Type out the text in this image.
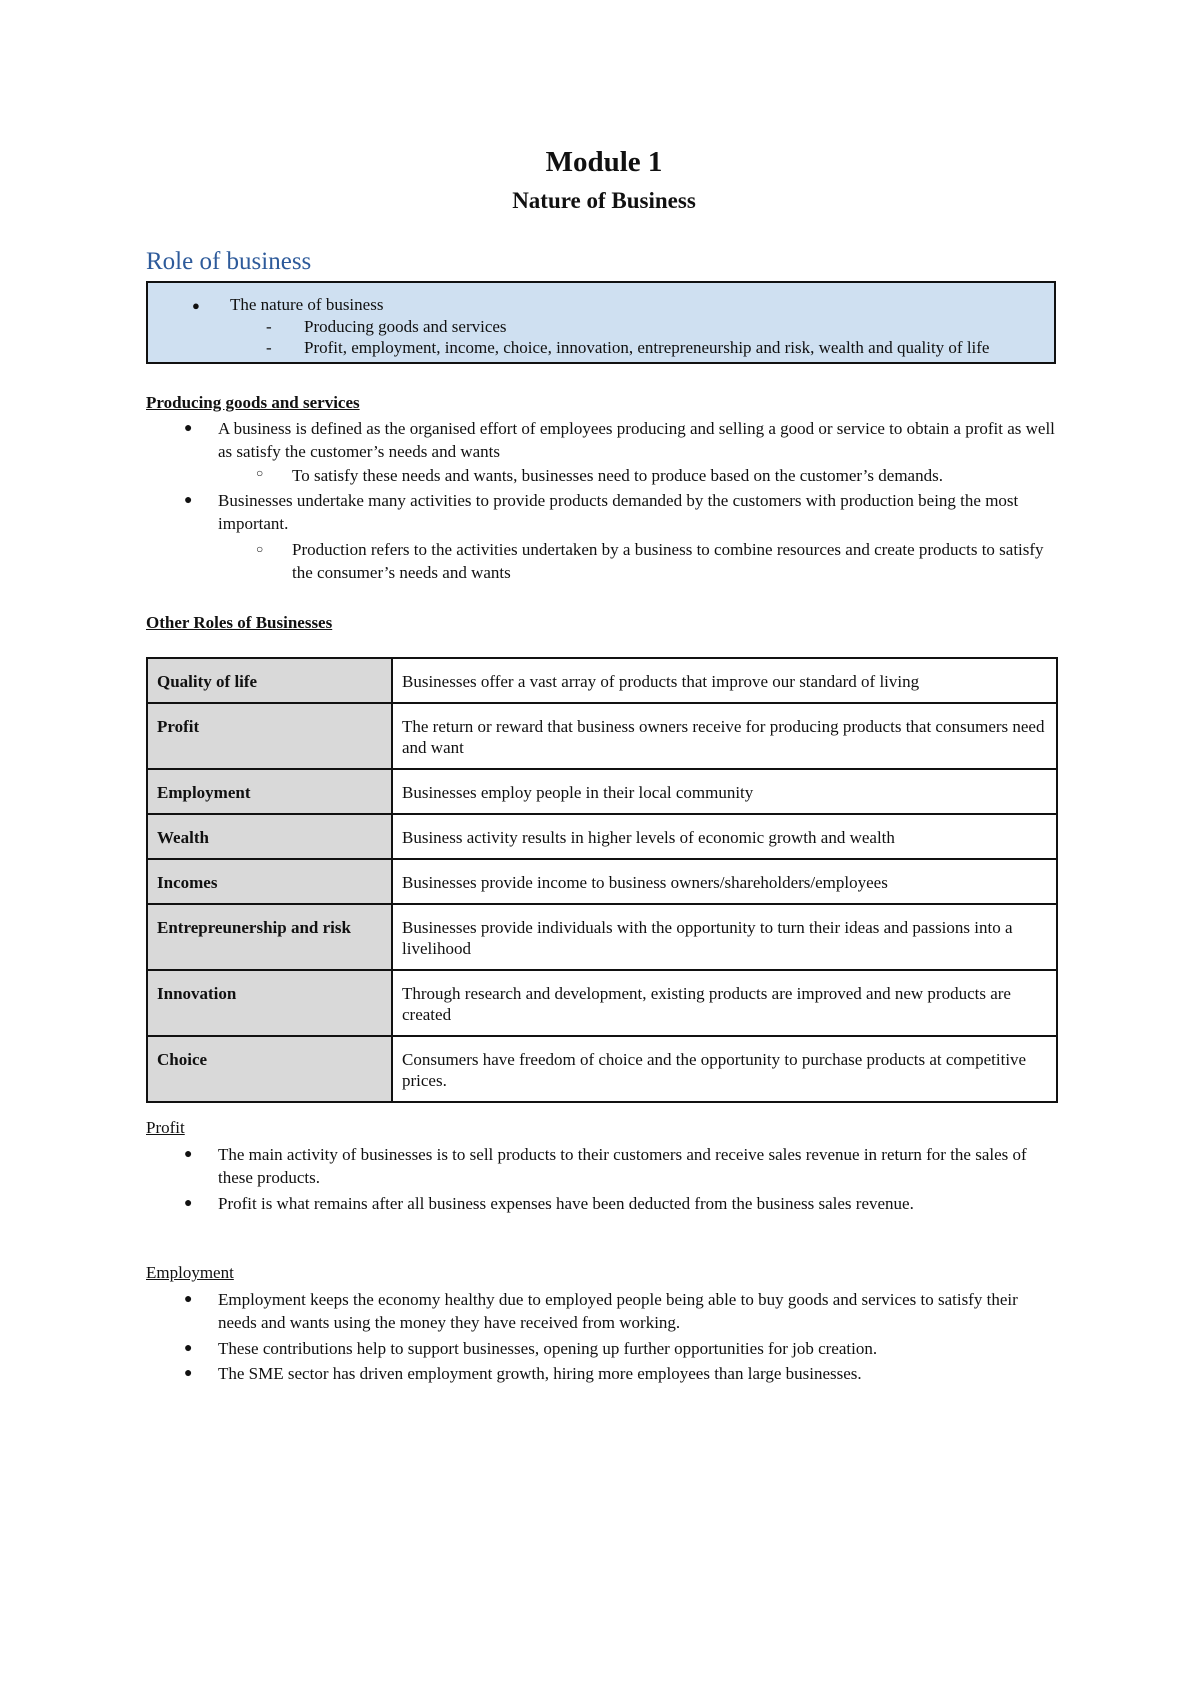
Module 1
Nature of Business
Role of business
● The nature of business
- Producing goods and services
- Profit, employment, income, choice, innovation, entrepreneurship and risk, wealth and quality of life
Producing goods and services
● A business is defined as the organised effort of employees producing and selling a good or service to obtain a profit as well as satisfy the customer’s needs and wants
○ To satisfy these needs and wants, businesses need to produce based on the customer’s demands.
● Businesses undertake many activities to provide products demanded by the customers with production being the most important.
○ Production refers to the activities undertaken by a business to combine resources and create products to satisfy the consumer’s needs and wants
Other Roles of Businesses
Quality of life	Businesses offer a vast array of products that improve our standard of living
Profit	The return or reward that business owners receive for producing products that consumers need and want
Employment	Businesses employ people in their local community
Wealth	Business activity results in higher levels of economic growth and wealth
Incomes	Businesses provide income to business owners/shareholders/employees
Entrepreunership and risk	Businesses provide individuals with the opportunity to turn their ideas and passions into a livelihood
Innovation	Through research and development, existing products are improved and new products are created
Choice	Consumers have freedom of choice and the opportunity to purchase products at competitive prices.
Profit
● The main activity of businesses is to sell products to their customers and receive sales revenue in return for the sales of these products.
● Profit is what remains after all business expenses have been deducted from the business sales revenue.
Employment
● Employment keeps the economy healthy due to employed people being able to buy goods and services to satisfy their needs and wants using the money they have received from working.
● These contributions help to support businesses, opening up further opportunities for job creation.
● The SME sector has driven employment growth, hiring more employees than large businesses.
